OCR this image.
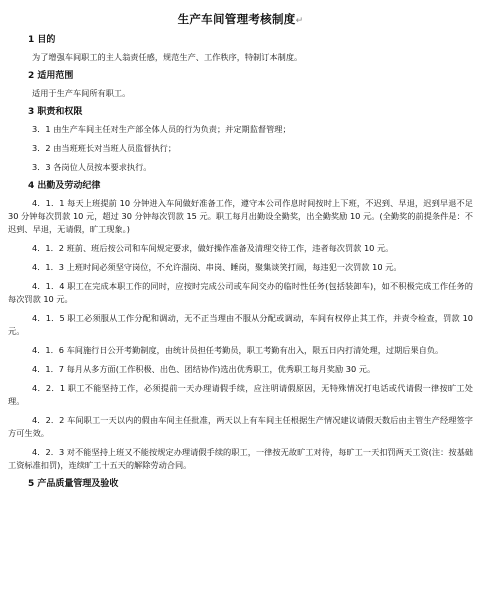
生产车间管理考核制度↵
1 目的
为了增强车间职工的主人翁责任感，规范生产、工作秩序，特制订本制度。
2 适用范围
适用于生产车间所有职工。
3 职责和权限
3．1 由生产车间主任对生产部全体人员的行为负责；并定期监督管理；
3．2 由当班班长对当班人员监督执行；
3．3 各岗位人员按本要求执行。
4 出勤及劳动纪律
4．1．1 每天上班提前 10 分钟进入车间做好准备工作，遵守本公司作息时间按时上下班，不迟到、早退，迟到早退不足 30 分钟每次罚款 10 元，超过 30 分钟每次罚款 15 元。职工每月出勤设全勤奖，出全勤奖励 10 元。(全勤奖的前提条件是：不迟到、早退，无请假，旷工现象。)
4．1．2 班前、班后按公司和车间规定要求，做好操作准备及清理交待工作，违者每次罚款 10 元。
4．1．3 上班时间必须坚守岗位，不允许溜岗、串岗、睡岗，聚集谈笑打闹，每违犯一次罚款 10 元。
4．1．4 职工在完成本职工作的同时，应按时完成公司或车间交办的临时性任务(包括装卸车)，如不积极完成工作任务的每次罚款 10 元。
4．1．5 职工必须服从工作分配和调动，无不正当理由不服从分配或调动，车间有权停止其工作，并责令检查，罚款 10 元。
4．1．6 车间施行日公开考勤制度，由统计员担任考勤员，职工考勤有出入，限五日内打清处理，过期后果自负。
4．1．7 每月从多方面(工作积极、出色、团结协作)选出优秀职工，优秀职工每月奖励 30 元。
4．2．1 职工不能坚持工作，必须提前一天办理请假手续，应注明请假原因，无特殊情况打电话或代请假一律按旷工处理。
4．2．2 车间职工一天以内的假由车间主任批准，两天以上有车间主任根据生产情况建议请假天数后由主管生产经理签字方可生效。
4．2．3 对不能坚持上班又不能按规定办理请假手续的职工，一律按无故旷工对待，每旷工一天扣罚两天工资(注：按基础工资标准扣罚)，连续旷工十五天的解除劳动合同。
5 产品质量管理及验收
